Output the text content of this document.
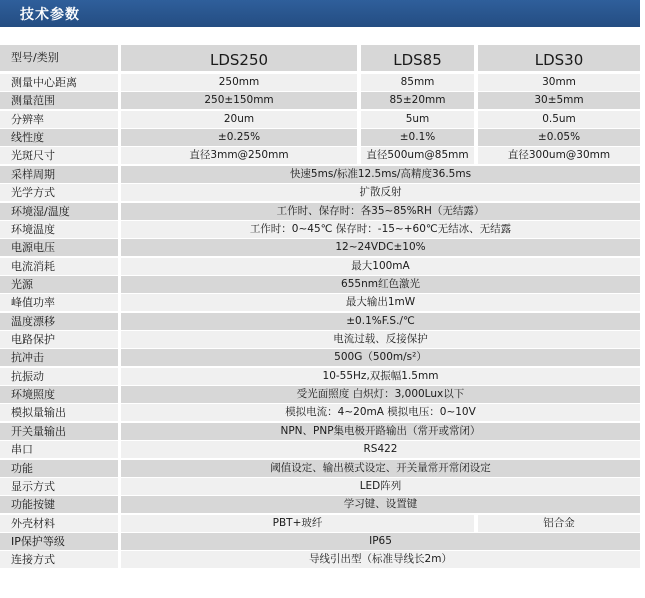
技术参数
型号/类别	LDS250	LDS85	LDS30
测量中心距离	250mm	85mm	30mm
测量范围	250±150mm	85±20mm	30±5mm
分辨率	20um	5um	0.5um
线性度	±0.25%	±0.1%	±0.05%
光斑尺寸	直径3mm@250mm	直径500um@85mm	直径300um@30mm
采样周期	快速5ms/标准12.5ms/高精度36.5ms
光学方式	扩散反射
环境湿/温度	工作时、保存时：各35~85%RH（无结露）
环境温度	工作时：0~45℃ 保存时：-15~+60℃无结冰、无结露
电源电压	12~24VDC±10%
电流消耗	最大100mA
光源	655nm红色激光
峰值功率	最大输出1mW
温度漂移	±0.1%F.S./℃
电路保护	电流过载、反接保护
抗冲击	500G（500m/s²）
抗振动	10-55Hz,双振幅1.5mm
环境照度	受光面照度 白炽灯：3,000Lux以下
模拟量输出	模拟电流：4~20mA 模拟电压：0~10V
开关量输出	NPN、PNP集电极开路输出（常开或常闭）
串口	RS422
功能	阈值设定、输出模式设定、开关量常开常闭设定
显示方式	LED阵列
功能按键	学习键、设置键
外壳材料	PBT+玻纤	铝合金
IP保护等级	IP65
连接方式	导线引出型（标准导线长2m）
